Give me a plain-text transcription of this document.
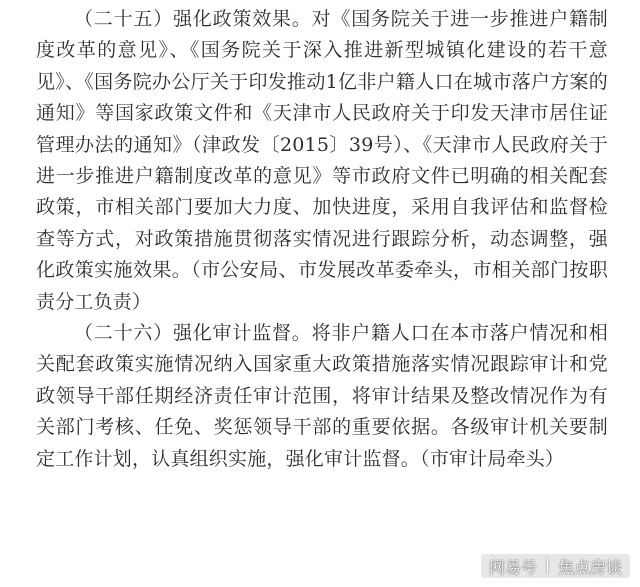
（二十五）强化政策效果。对《国务院关于进一步推进户籍制度改革的意见》、《国务院关于深入推进新型城镇化建设的若干意见》、《国务院办公厅关于印发推动1亿非户籍人口在城市落户方案的通知》等国家政策文件和《天津市人民政府关于印发天津市居住证管理办法的通知》（津政发〔2015〕39号）、《天津市人民政府关于进一步推进户籍制度改革的意见》等市政府文件已明确的相关配套政策，市相关部门要加大力度、加快进度，采用自我评估和监督检查等方式，对政策措施贯彻落实情况进行跟踪分析，动态调整，强化政策实施效果。（市公安局、市发展改革委牵头，市相关部门按职责分工负责）

（二十六）强化审计监督。将非户籍人口在本市落户情况和相关配套政策实施情况纳入国家重大政策措施落实情况跟踪审计和党政领导干部任期经济责任审计范围，将审计结果及整改情况作为有关部门考核、任免、奖惩领导干部的重要依据。各级审计机关要制定工作计划，认真组织实施，强化审计监督。（市审计局牵头）

网易号 焦点房谈
